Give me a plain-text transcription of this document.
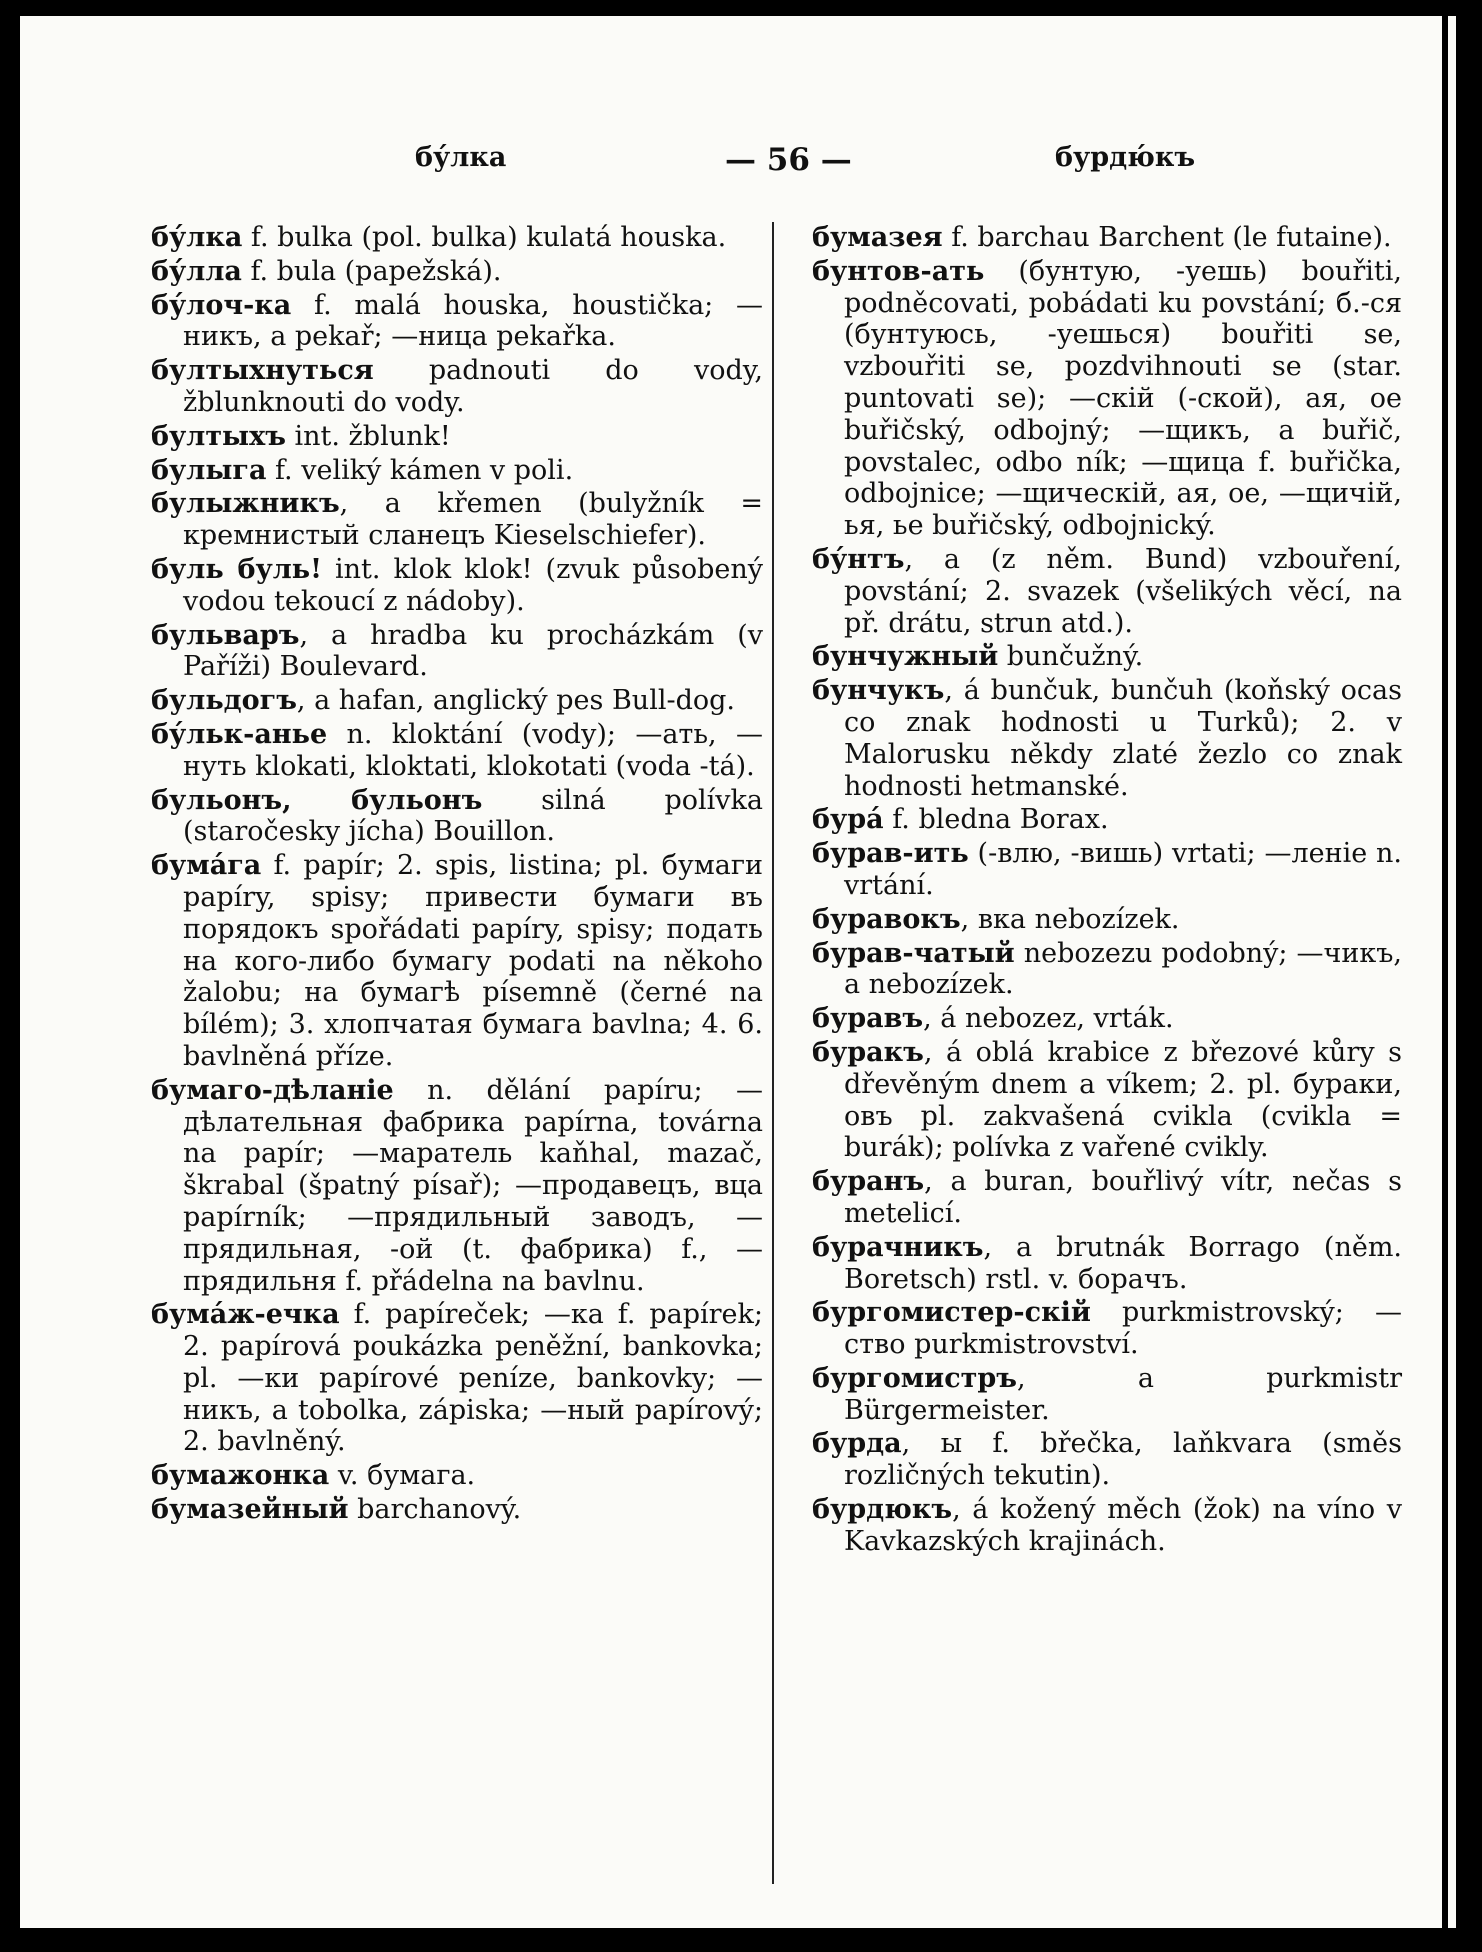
бу́лка	— 56 —	бурдю́къ

бу́лка f. bulka (pol. bulka) kulatá houska.

бу́лла f. bula (papežská).

бу́лоч-ка f. malá houska, houstička; —никъ, a pekař; —ница pekařka.

бултыхнуться padnouti do vody, žblunknouti do vody.

бултыхъ int. žblunk!

булыга f. veliký kámen v poli.

булыжникъ, a křemen (bulyžník = кремнистый сланецъ Kieselschiefer).

буль буль! int. klok klok! (zvuk působený vodou tekoucí z nádoby).

бульваръ, a hradba ku procházkám (v Paříži) Boulevard.

бульдогъ, a hafan, anglický pes Bull-dog.

бу́льк-анье n. kloktání (vody); —ать, —нуть klokati, kloktati, klokotati (voda -tá).

бульонъ, бульонъ silná polívka (staročesky jícha) Bouillon.

бума́га f. papír; 2. spis, listina; pl. бумаги papíry, spisy; привести бумаги въ порядокъ spořádati papíry, spisy; подать на кого-либо бумагу podati na někoho žalobu; на бумагѣ písemně (černé na bílém); 3. хлопчатая бумага bavlna; 4. 6. bavlněná příze.

бумаго-дѣланіе n. dělání papíru; —дѣлательная фабрика papírna, továrna na papír; —маратель kaňhal, mazač, škrabal (špatný písař); —продавецъ, вца papírník; —прядильный заводъ, —прядильная, -ой (t. фабрика) f., —прядильня f. přádelna na bavlnu.

бума́ж-ечка f. papíreček; —ка f. papírek; 2. papírová poukázka peněžní, bankovka; pl. —ки papírové peníze, bankovky; —никъ, a tobolka, zápiska; —ный papírový; 2. bavlněný.

бумажонка v. бумага.

бумазейный barchanový.

бумазея f. barchau Barchent (le futaine).

бунтов-ать (бунтую, -уешь) bouřiti, podněcovati, pobádati ku povstání; б.-ся (бунтуюсь, -уешься) bouřiti se, vzbouřiti se, pozdvihnouti se (star. puntovati se); —скій (-ской), ая, ое buřičský, odbojný; —щикъ, a buřič, povstalec, odbo ník; —щица f. buřička, odbojnice; —щическій, ая, ое, —щичій, ья, ье buřičský, odbojnický.

бу́нтъ, a (z něm. Bund) vzbouření, povstání; 2. svazek (všelikých věcí, na př. drátu, strun atd.).

бунчужный bunčužný.

бунчукъ, á bunčuk, bunčuh (koňský ocas co znak hodnosti u Turků); 2. v Malorusku někdy zlaté žezlo co znak hodnosti hetmanské.

бура́ f. bledna Borax.

бурав-ить (-влю, -вишь) vrtati; —леніе n. vrtání.

буравокъ, вка nebozízek.

бурав-чатый nebozezu podobný; —чикъ, a nebozízek.

буравъ, á nebozez, vrták.

буракъ, á oblá krabice z březové kůry s dřevěným dnem a víkem; 2. pl. бураки, овъ pl. zakvašená cvikla (cvikla = burák); polívka z vařené cvikly.

буранъ, a buran, bouřlivý vítr, nečas s metelicí.

бурачникъ, a brutnák Borrago (něm. Boretsch) rstl. v. борачъ.

бургомистер-скій purkmistrovský; —ство purkmistrovství.

бургомистръ, a purkmistr Bürgermeister.

бурда, ы f. břečka, laňkvara (směs rozličných tekutin).

бурдюкъ, á kožený měch (žok) na víno v Kavkazských krajinách.
